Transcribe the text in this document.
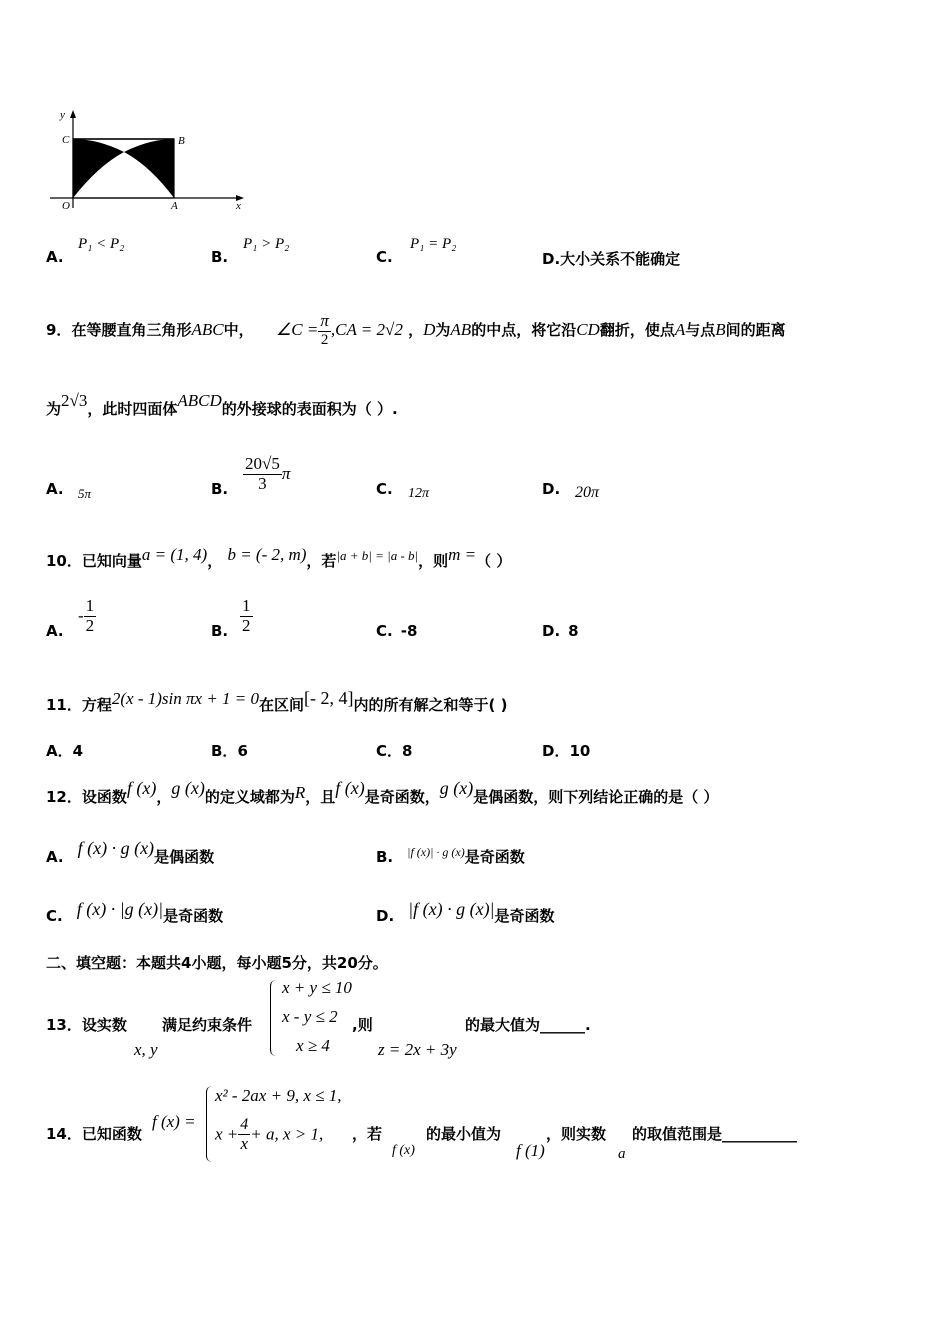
y
C	B
O	A	x
A.
P₁ < P₂
B.
P₁ > P₂
C.
P₁ = P₂
D.大小关系不能确定
9．在等腰直角三角形ABC中， ∠C = $\frac{\pi}{2} ,CA = 2√2$ ，D为AB的中点，将它沿CD翻折，使点A与点B间的距离
为2√3，此时四面体ABCD的外接球的表面积为（ ）.
A. 5π	B. $\frac{20√5}{3}$ π
C. 12π	D. 20π
10．已知向量a = (1, 4)， b = (- 2, m)，若|a + b| = |a - b|，则m =（ ）
A.
- $\frac{1}{2}$	B. $\frac{1}{2}$	C. -8	D. 8
11．方程2(x - 1)sin πx + 1 = 0在区间[- 2, 4]内的所有解之和等于( )
A．4	B．6	C．8	D．10
12．设函数f (x)，g (x)的定义域都为R，且f (x)是奇函数，g (x)是偶函数，则下列结论正确的是（ ）
A. f (x) · g (x)是偶函数	B. $^{|f (x)| \cdot g (x)}$是奇函数
C. f (x) · |g (x)|是奇函数	D. |f (x) · g (x)|是奇函数
二、填空题：本题共4小题，每小题5分，共20分。
13．设实数
x, y
满足约束条件
x + y ≤ 10
x - y ≤ 2
x ≥ 4
,则
z = 2x + 3y
的最大值为______.
14．已知函数
f (x) =
x² - 2ax + 9, x ≤ 1,
$x + \frac{4}{x} + a$, x > 1, ，若
f (x)
的最小值为
f (1)
，则实数
a
的取值范围是__________
